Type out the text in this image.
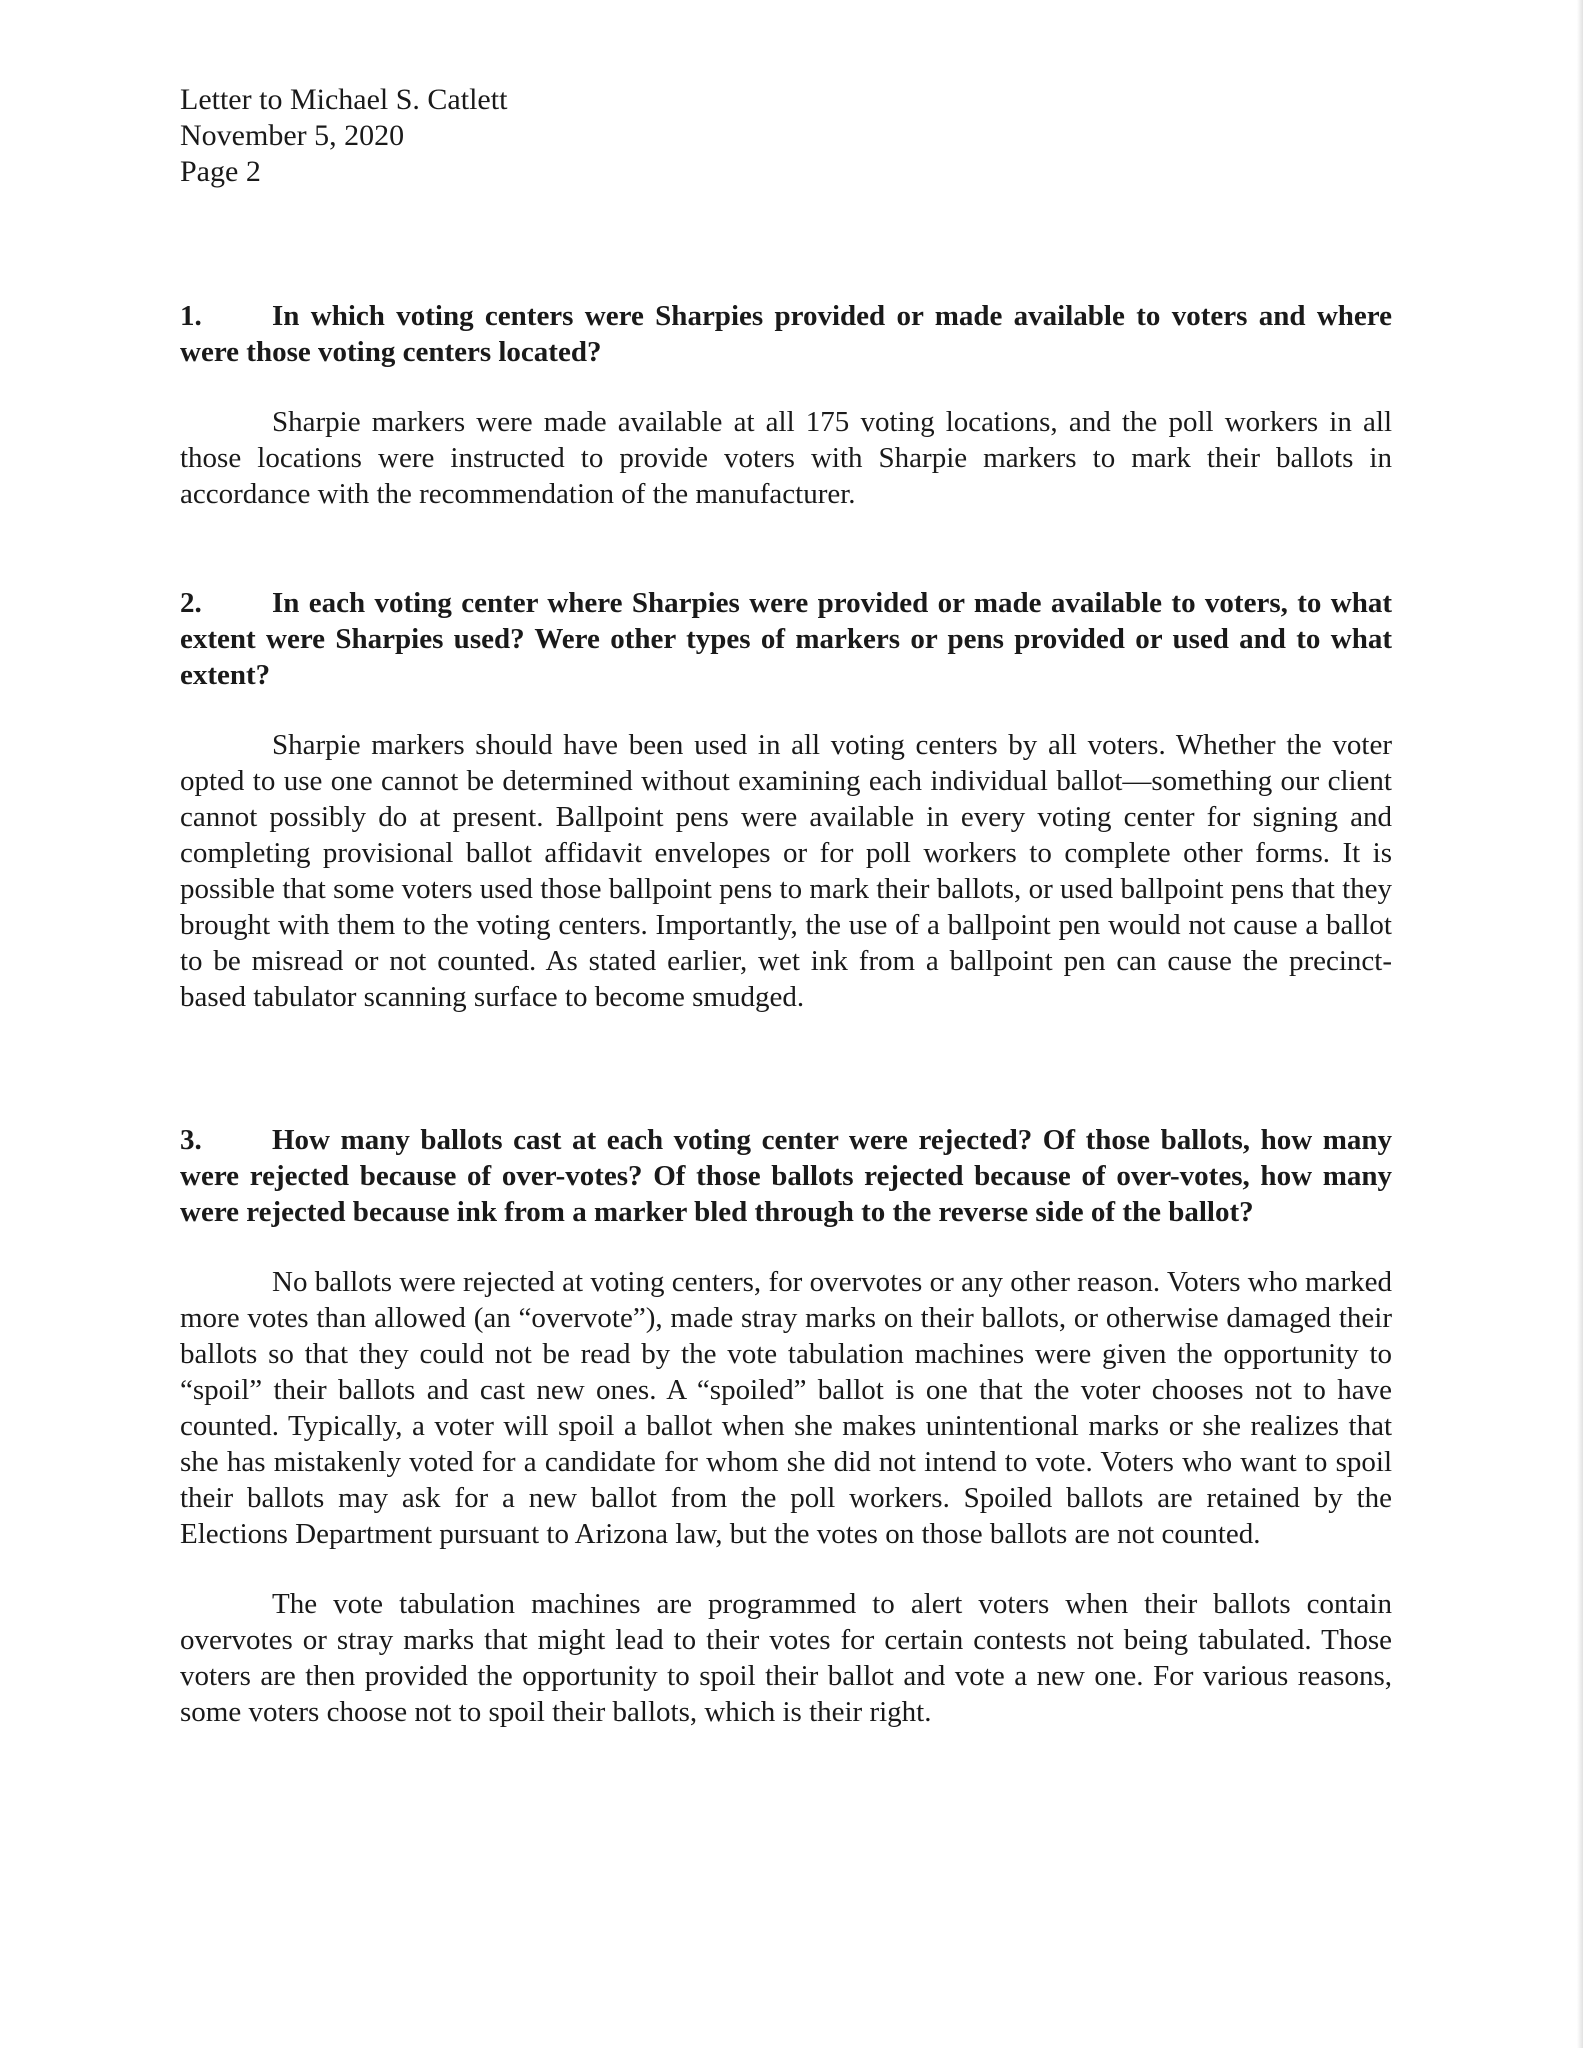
Letter to Michael S. Catlett
November 5, 2020
Page 2
1. In which voting centers were Sharpies provided or made available to voters and where were those voting centers located?
Sharpie markers were made available at all 175 voting locations, and the poll workers in all those locations were instructed to provide voters with Sharpie markers to mark their ballots in accordance with the recommendation of the manufacturer.
2. In each voting center where Sharpies were provided or made available to voters, to what extent were Sharpies used? Were other types of markers or pens provided or used and to what extent?
Sharpie markers should have been used in all voting centers by all voters. Whether the voter opted to use one cannot be determined without examining each individual ballot—something our client cannot possibly do at present. Ballpoint pens were available in every voting center for signing and completing provisional ballot affidavit envelopes or for poll workers to complete other forms. It is possible that some voters used those ballpoint pens to mark their ballots, or used ballpoint pens that they brought with them to the voting centers. Importantly, the use of a ballpoint pen would not cause a ballot to be misread or not counted. As stated earlier, wet ink from a ballpoint pen can cause the precinct-based tabulator scanning surface to become smudged.
3. How many ballots cast at each voting center were rejected? Of those ballots, how many were rejected because of over-votes? Of those ballots rejected because of over-votes, how many were rejected because ink from a marker bled through to the reverse side of the ballot?
No ballots were rejected at voting centers, for overvotes or any other reason. Voters who marked more votes than allowed (an “overvote”), made stray marks on their ballots, or otherwise damaged their ballots so that they could not be read by the vote tabulation machines were given the opportunity to “spoil” their ballots and cast new ones. A “spoiled” ballot is one that the voter chooses not to have counted. Typically, a voter will spoil a ballot when she makes unintentional marks or she realizes that she has mistakenly voted for a candidate for whom she did not intend to vote. Voters who want to spoil their ballots may ask for a new ballot from the poll workers. Spoiled ballots are retained by the Elections Department pursuant to Arizona law, but the votes on those ballots are not counted.
The vote tabulation machines are programmed to alert voters when their ballots contain overvotes or stray marks that might lead to their votes for certain contests not being tabulated. Those voters are then provided the opportunity to spoil their ballot and vote a new one. For various reasons, some voters choose not to spoil their ballots, which is their right.
